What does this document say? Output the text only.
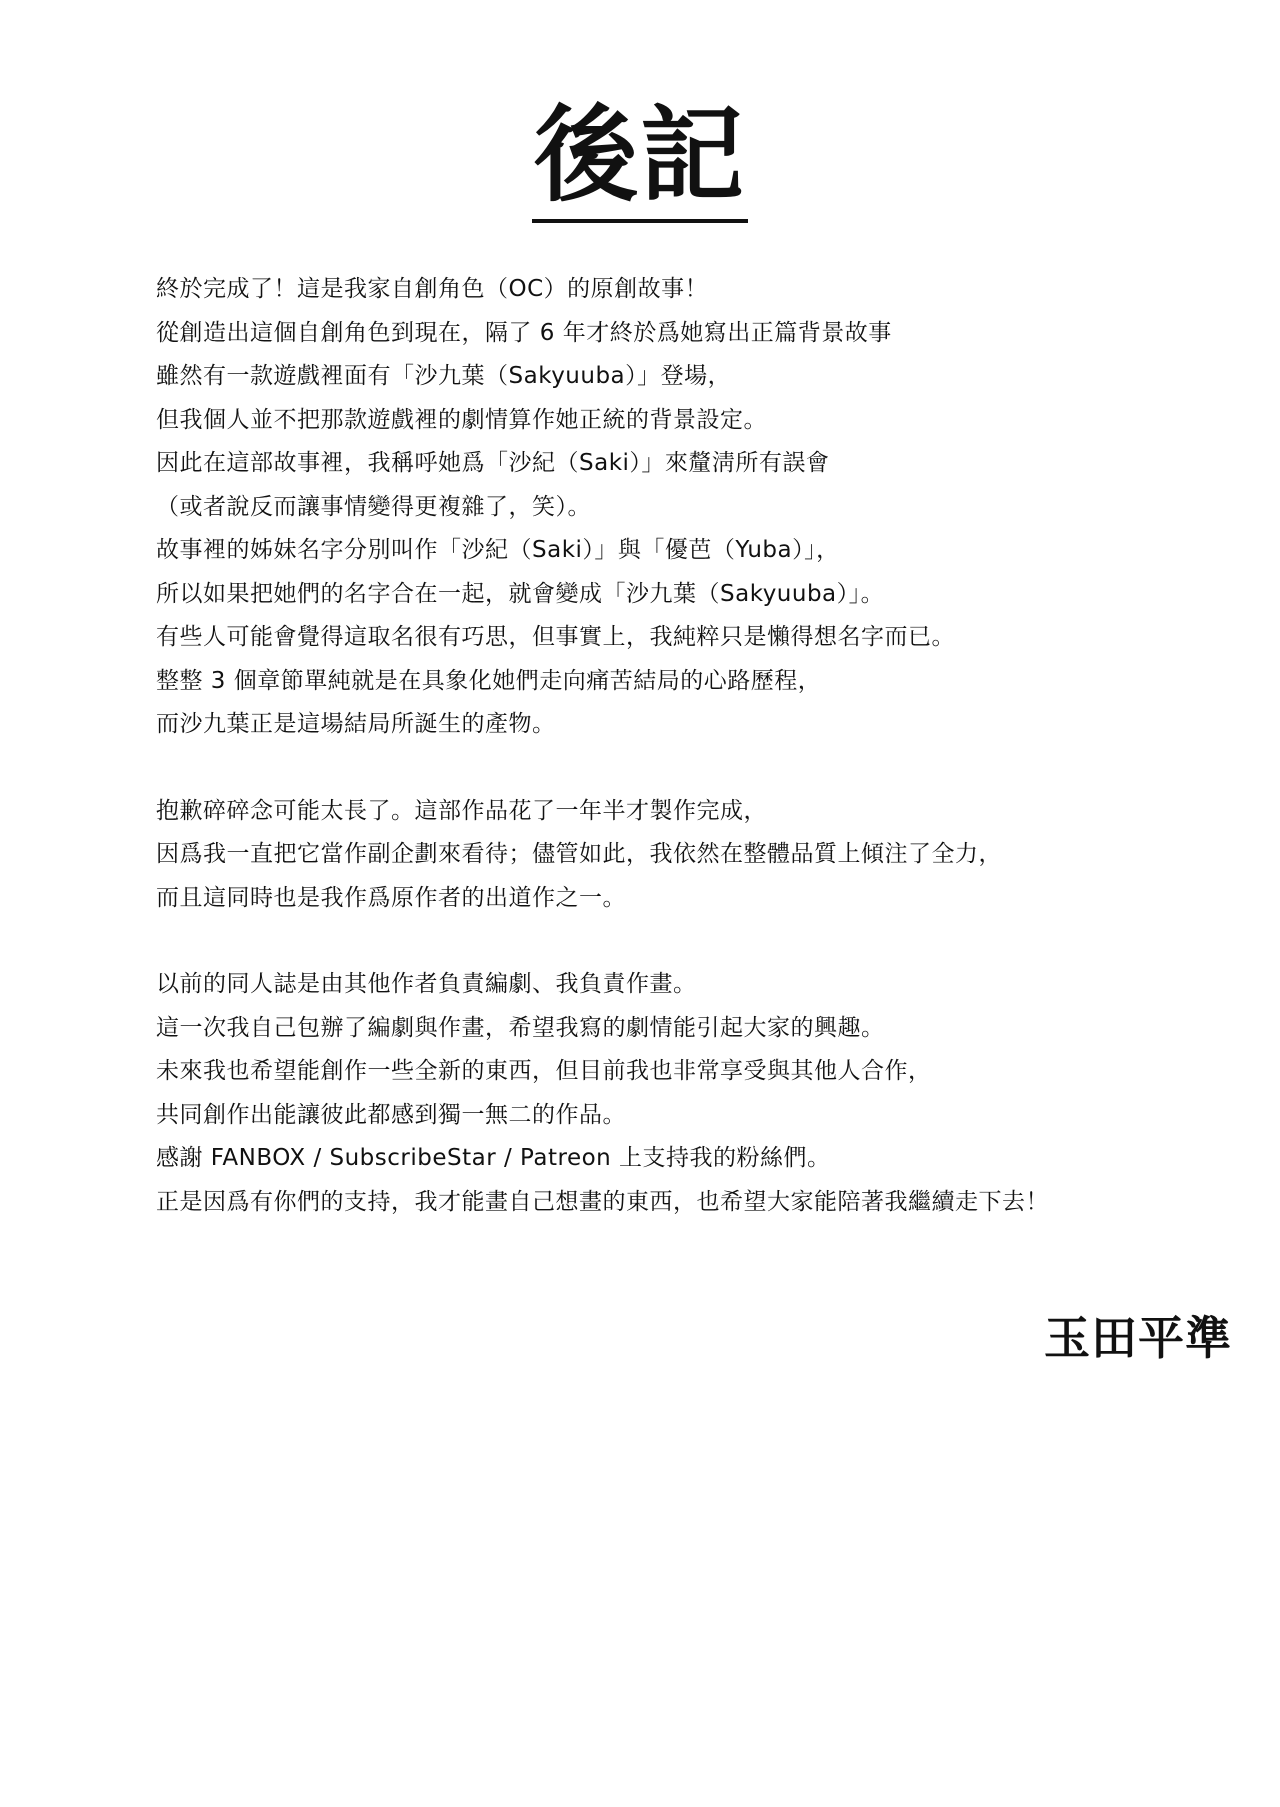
後記

終於完成了！這是我家自創角色（OC）的原創故事！
從創造出這個自創角色到現在，隔了 6 年才終於爲她寫出正篇背景故事
雖然有一款遊戲裡面有「沙九葉（Sakyuuba）」登場，
但我個人並不把那款遊戲裡的劇情算作她正統的背景設定。
因此在這部故事裡，我稱呼她爲「沙紀（Saki）」來釐淸所有誤會
（或者說反而讓事情變得更複雜了，笑）。
故事裡的姊妹名字分別叫作「沙紀（Saki）」與「優芭（Yuba）」，
所以如果把她們的名字合在一起，就會變成「沙九葉（Sakyuuba）」。
有些人可能會覺得這取名很有巧思，但事實上，我純粹只是懶得想名字而已。
整整 3 個章節單純就是在具象化她們走向痛苦結局的心路歷程，
而沙九葉正是這場結局所誕生的產物。

抱歉碎碎念可能太長了。這部作品花了一年半才製作完成，
因爲我一直把它當作副企劃來看待；儘管如此，我依然在整體品質上傾注了全力，
而且這同時也是我作爲原作者的出道作之一。

以前的同人誌是由其他作者負責編劇、我負責作畫。
這一次我自己包辦了編劇與作畫，希望我寫的劇情能引起大家的興趣。
未來我也希望能創作一些全新的東西，但目前我也非常享受與其他人合作，
共同創作出能讓彼此都感到獨一無二的作品。
感謝 FANBOX / SubscribeStar / Patreon 上支持我的粉絲們。
正是因爲有你們的支持，我才能畫自己想畫的東西，也希望大家能陪著我繼續走下去！

玉田平準
